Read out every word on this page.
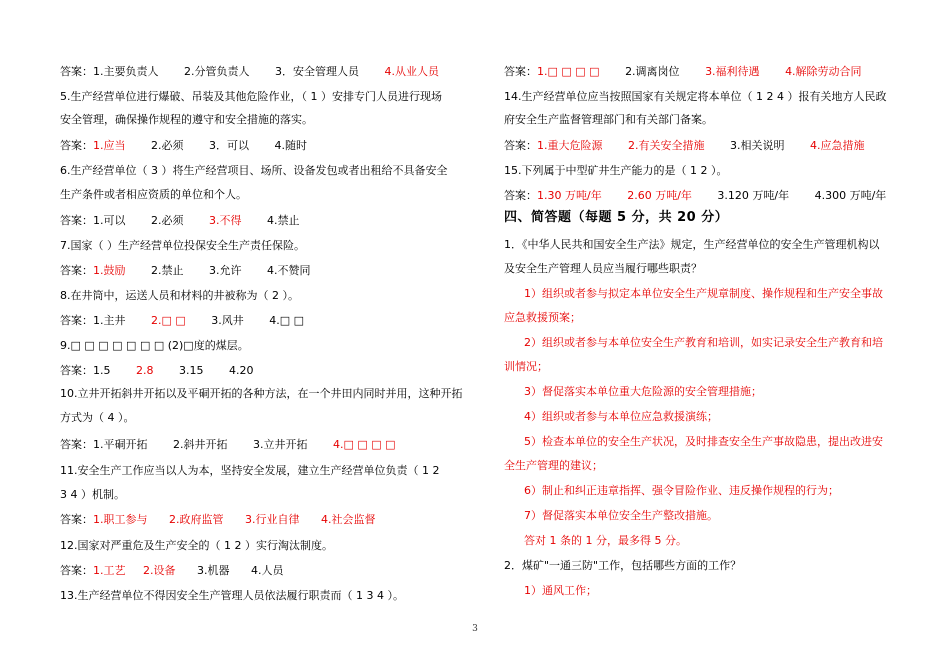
答案：1.主要负责人 2.分管负责人 3．安全管理人员 4.从业人员
5.生产经营单位进行爆破、吊装及其他危险作业，（ 1 ）安排专门人员进行现场
安全管理，确保操作规程的遵守和安全措施的落实。
答案：1.应当 2.必须 3．可以 4.随时
6.生产经营单位（ 3 ）将生产经营项目、场所、设备发包或者出租给不具备安全
生产条件或者相应资质的单位和个人。
答案：1.可以 2.必须 3.不得 4.禁止
7.国家（ ）生产经营单位投保安全生产责任保险。
答案：1.鼓励 2.禁止 3.允许 4.不赞同
8.在井筒中，运送人员和材料的井被称为（ 2 ）。
答案：1.主井 2.□ □ 3.风井 4.□ □
9.□ □ □ □ □ □ □ (2)□度的煤层。
答案：1.5 2.8 3.15 4.20
10.立井开拓斜井开拓以及平硐开拓的各种方法，在一个井田内同时并用，这种开拓
方式为（ 4 ）。
答案：1.平硐开拓 2.斜井开拓 3.立井开拓 4.□ □ □ □
11.安全生产工作应当以人为本，坚持安全发展，建立生产经营单位负责（ 1 2
3 4 ）机制。
答案：1.职工参与 2.政府监管 3.行业自律 4.社会监督
12.国家对严重危及生产安全的（ 1 2 ）实行淘汰制度。
答案：1.工艺 2.设备 3.机器 4.人员
13.生产经营单位不得因安全生产管理人员依法履行职责而（ 1 3 4 ）。
答案：1.□ □ □ □ 2.调离岗位 3.福利待遇 4.解除劳动合同
14.生产经营单位应当按照国家有关规定将本单位（ 1 2 4 ）报有关地方人民政
府安全生产监督管理部门和有关部门备案。
答案：1.重大危险源 2.有关安全措施 3.相关说明 4.应急措施
15.下列属于中型矿井生产能力的是（ 1 2 ）。
答案：1.30 万吨/年 2.60 万吨/年 3.120 万吨/年 4.300 万吨/年
四、简答题（每题 5 分，共 20 分）
1．《中华人民共和国安全生产法》规定，生产经营单位的安全生产管理机构以
及安全生产管理人员应当履行哪些职责？
1）组织或者参与拟定本单位安全生产规章制度、操作规程和生产安全事故
应急救援预案；
2）组织或者参与本单位安全生产教育和培训，如实记录安全生产教育和培
训情况；
3）督促落实本单位重大危险源的安全管理措施；
4）组织或者参与本单位应急救援演练；
5）检查本单位的安全生产状况，及时排查安全生产事故隐患，提出改进安
全生产管理的建议；
6）制止和纠正违章指挥、强令冒险作业、违反操作规程的行为；
7）督促落实本单位安全生产整改措施。
答对 1 条的 1 分，最多得 5 分。
2．煤矿"一通三防"工作，包括哪些方面的工作？
1）通风工作；
3
